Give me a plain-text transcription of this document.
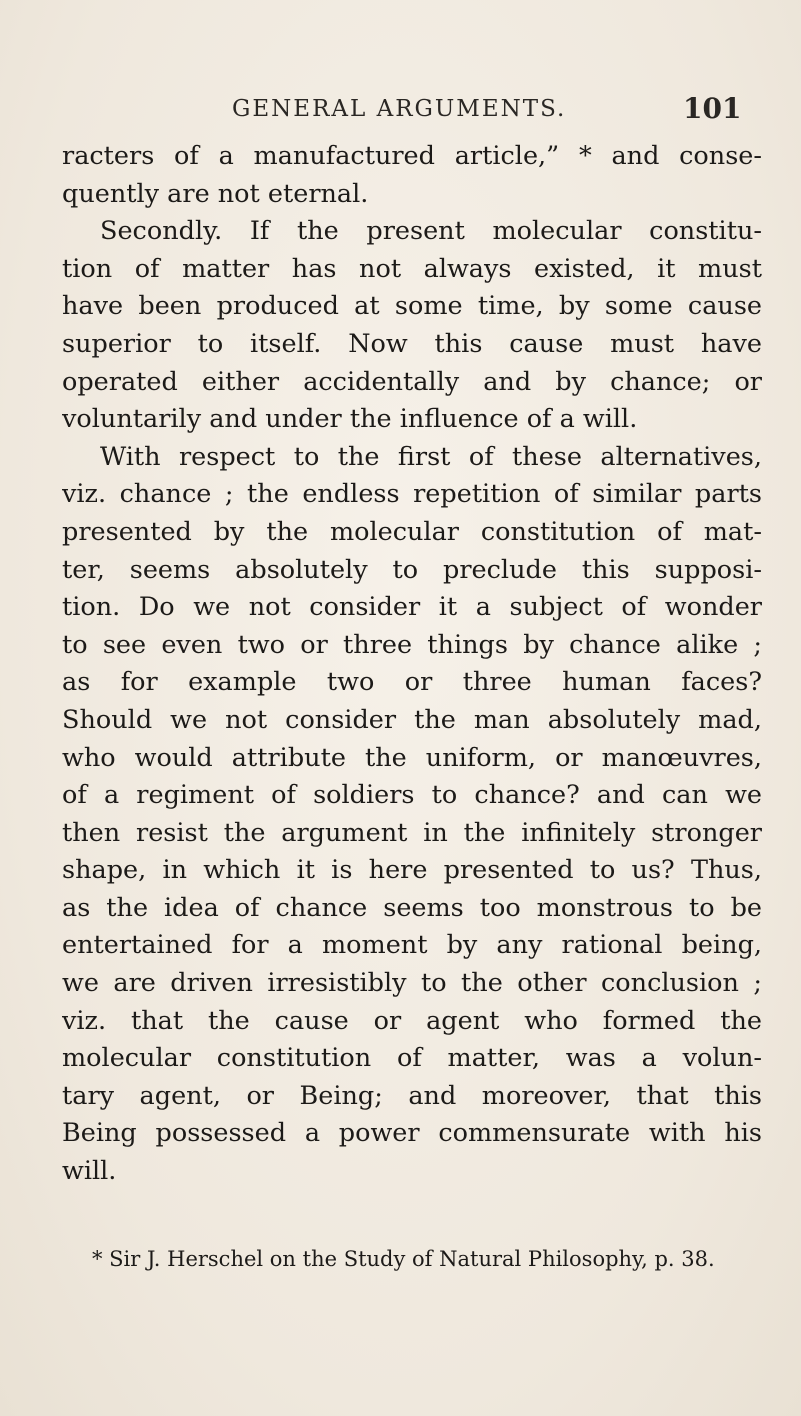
GENERAL ARGUMENTS.	101
racters of a manufactured article,” * and conse-
quently are not eternal.
Secondly. If the present molecular constitu-
tion of matter has not always existed, it must
have been produced at some time, by some cause
superior to itself. Now this cause must have
operated either accidentally and by chance; or
voluntarily and under the influence of a will.
With respect to the first of these alternatives,
viz. chance ; the endless repetition of similar parts
presented by the molecular constitution of mat-
ter, seems absolutely to preclude this supposi-
tion. Do we not consider it a subject of wonder
to see even two or three things by chance alike ;
as for example two or three human faces?
Should we not consider the man absolutely mad,
who would attribute the uniform, or manœuvres,
of a regiment of soldiers to chance? and can we
then resist the argument in the infinitely stronger
shape, in which it is here presented to us? Thus,
as the idea of chance seems too monstrous to be
entertained for a moment by any rational being,
we are driven irresistibly to the other conclusion ;
viz. that the cause or agent who formed the
molecular constitution of matter, was a volun-
tary agent, or Being; and moreover, that this
Being possessed a power commensurate with his
will.
* Sir J. Herschel on the Study of Natural Philosophy, p. 38.
